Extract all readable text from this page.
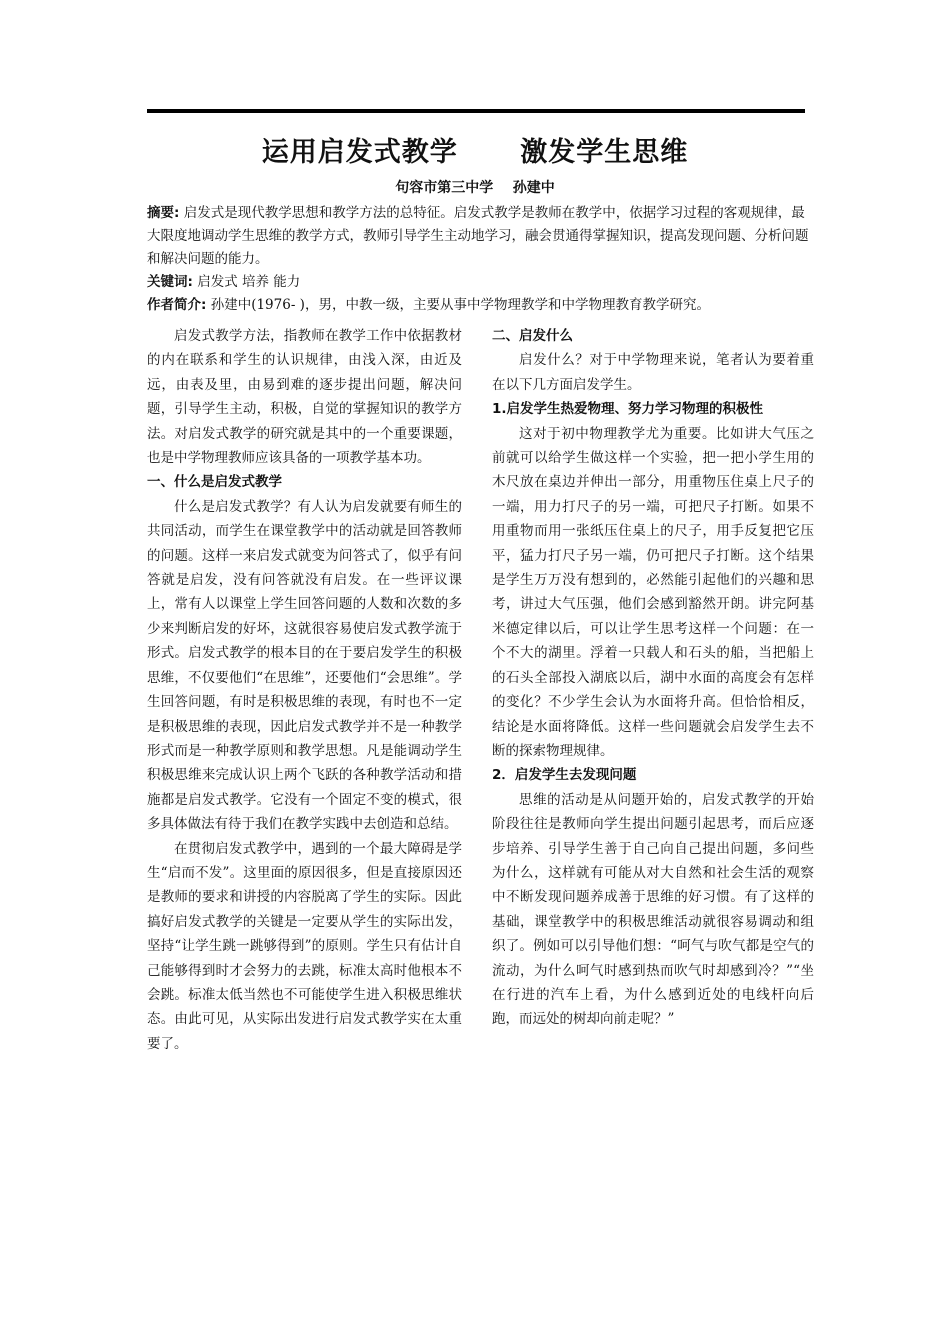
运用启发式教学      激发学生思维
句容市第三中学    孙建中

摘要: 启发式是现代教学思想和教学方法的总特征。启发式教学是教师在教学中，依据学习过程的客观规律，最大限度地调动学生思维的教学方式，教师引导学生主动地学习，融会贯通得掌握知识，提高发现问题、分析问题和解决问题的能力。

关键词: 启发式 培养 能力

作者简介: 孙建中(1976- )，男，中教一级，主要从事中学物理教学和中学物理教育教学研究。

启发式教学方法，指教师在教学工作中依据教材的内在联系和学生的认识规律，由浅入深，由近及远，由表及里，由易到难的逐步提出问题，解决问题，引导学生主动，积极，自觉的掌握知识的教学方法。对启发式教学的研究就是其中的一个重要课题，也是中学物理教师应该具备的一项教学基本功。

一、什么是启发式教学

什么是启发式教学？有人认为启发就要有师生的共同活动，而学生在课堂教学中的活动就是回答教师的问题。这样一来启发式就变为问答式了，似乎有问答就是启发，没有问答就没有启发。在一些评议课上，常有人以课堂上学生回答问题的人数和次数的多少来判断启发的好坏，这就很容易使启发式教学流于形式。启发式教学的根本目的在于要启发学生的积极思维，不仅要他们“在思维”，还要他们“会思维”。学生回答问题，有时是积极思维的表现，有时也不一定是积极思维的表现，因此启发式教学并不是一种教学形式而是一种教学原则和教学思想。凡是能调动学生积极思维来完成认识上两个飞跃的各种教学活动和措施都是启发式教学。它没有一个固定不变的模式，很多具体做法有待于我们在教学实践中去创造和总结。

在贯彻启发式教学中，遇到的一个最大障碍是学生“启而不发”。这里面的原因很多，但是直接原因还是教师的要求和讲授的内容脱离了学生的实际。因此搞好启发式教学的关键是一定要从学生的实际出发，坚持“让学生跳一跳够得到”的原则。学生只有估计自己能够得到时才会努力的去跳，标准太高时他根本不会跳。标准太低当然也不可能使学生进入积极思维状态。由此可见，从实际出发进行启发式教学实在太重要了。

二、启发什么

启发什么？对于中学物理来说，笔者认为要着重在以下几方面启发学生。

1.启发学生热爱物理、努力学习物理的积极性

这对于初中物理教学尤为重要。比如讲大气压之前就可以给学生做这样一个实验，把一把小学生用的木尺放在桌边并伸出一部分，用重物压住桌上尺子的一端，用力打尺子的另一端，可把尺子打断。如果不用重物而用一张纸压住桌上的尺子，用手反复把它压平，猛力打尺子另一端，仍可把尺子打断。这个结果是学生万万没有想到的，必然能引起他们的兴趣和思考，讲过大气压强，他们会感到豁然开朗。讲完阿基米德定律以后，可以让学生思考这样一个问题：在一个不大的湖里。浮着一只载人和石头的船，当把船上的石头全部投入湖底以后，湖中水面的高度会有怎样的变化？不少学生会认为水面将升高。但恰恰相反，结论是水面将降低。这样一些问题就会启发学生去不断的探索物理规律。

2．启发学生去发现问题

思维的活动是从问题开始的，启发式教学的开始阶段往往是教师向学生提出问题引起思考，而后应逐步培养、引导学生善于自己向自己提出问题，多问些为什么，这样就有可能从对大自然和社会生活的观察中不断发现问题养成善于思维的好习惯。有了这样的基础，课堂教学中的积极思维活动就很容易调动和组织了。例如可以引导他们想：“呵气与吹气都是空气的流动，为什么呵气时感到热而吹气时却感到冷？”“坐在行进的汽车上看，为什么感到近处的电线杆向后跑，而远处的树却向前走呢？”
